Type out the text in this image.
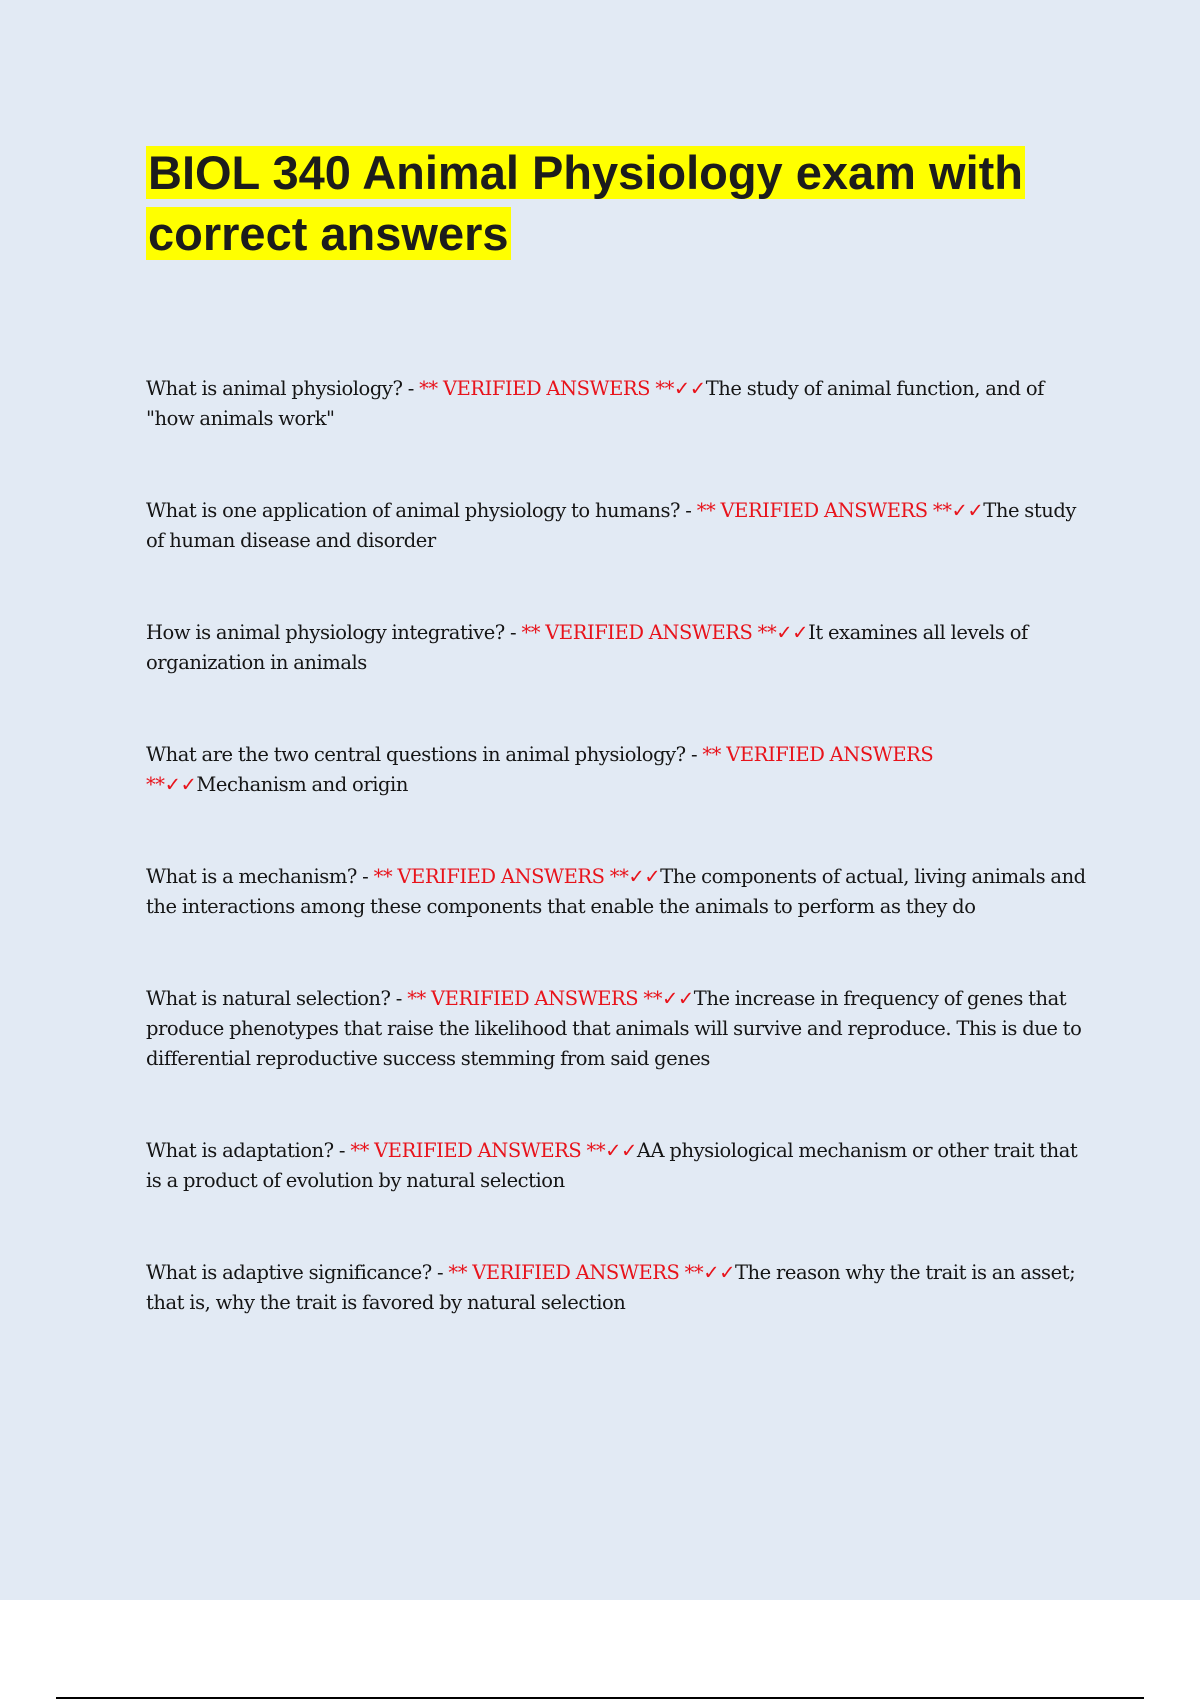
BIOL 340 Animal Physiology exam with correct answers

What is animal physiology? - ** VERIFIED ANSWERS **✓✓The study of animal function, and of "how animals work"

What is one application of animal physiology to humans? - ** VERIFIED ANSWERS **✓✓The study of human disease and disorder

How is animal physiology integrative? - ** VERIFIED ANSWERS **✓✓It examines all levels of organization in animals

What are the two central questions in animal physiology? - ** VERIFIED ANSWERS **✓✓Mechanism and origin

What is a mechanism? - ** VERIFIED ANSWERS **✓✓The components of actual, living animals and the interactions among these components that enable the animals to perform as they do

What is natural selection? - ** VERIFIED ANSWERS **✓✓The increase in frequency of genes that produce phenotypes that raise the likelihood that animals will survive and reproduce. This is due to differential reproductive success stemming from said genes

What is adaptation? - ** VERIFIED ANSWERS **✓✓AA physiological mechanism or other trait that is a product of evolution by natural selection

What is adaptive significance? - ** VERIFIED ANSWERS **✓✓The reason why the trait is an asset; that is, why the trait is favored by natural selection
